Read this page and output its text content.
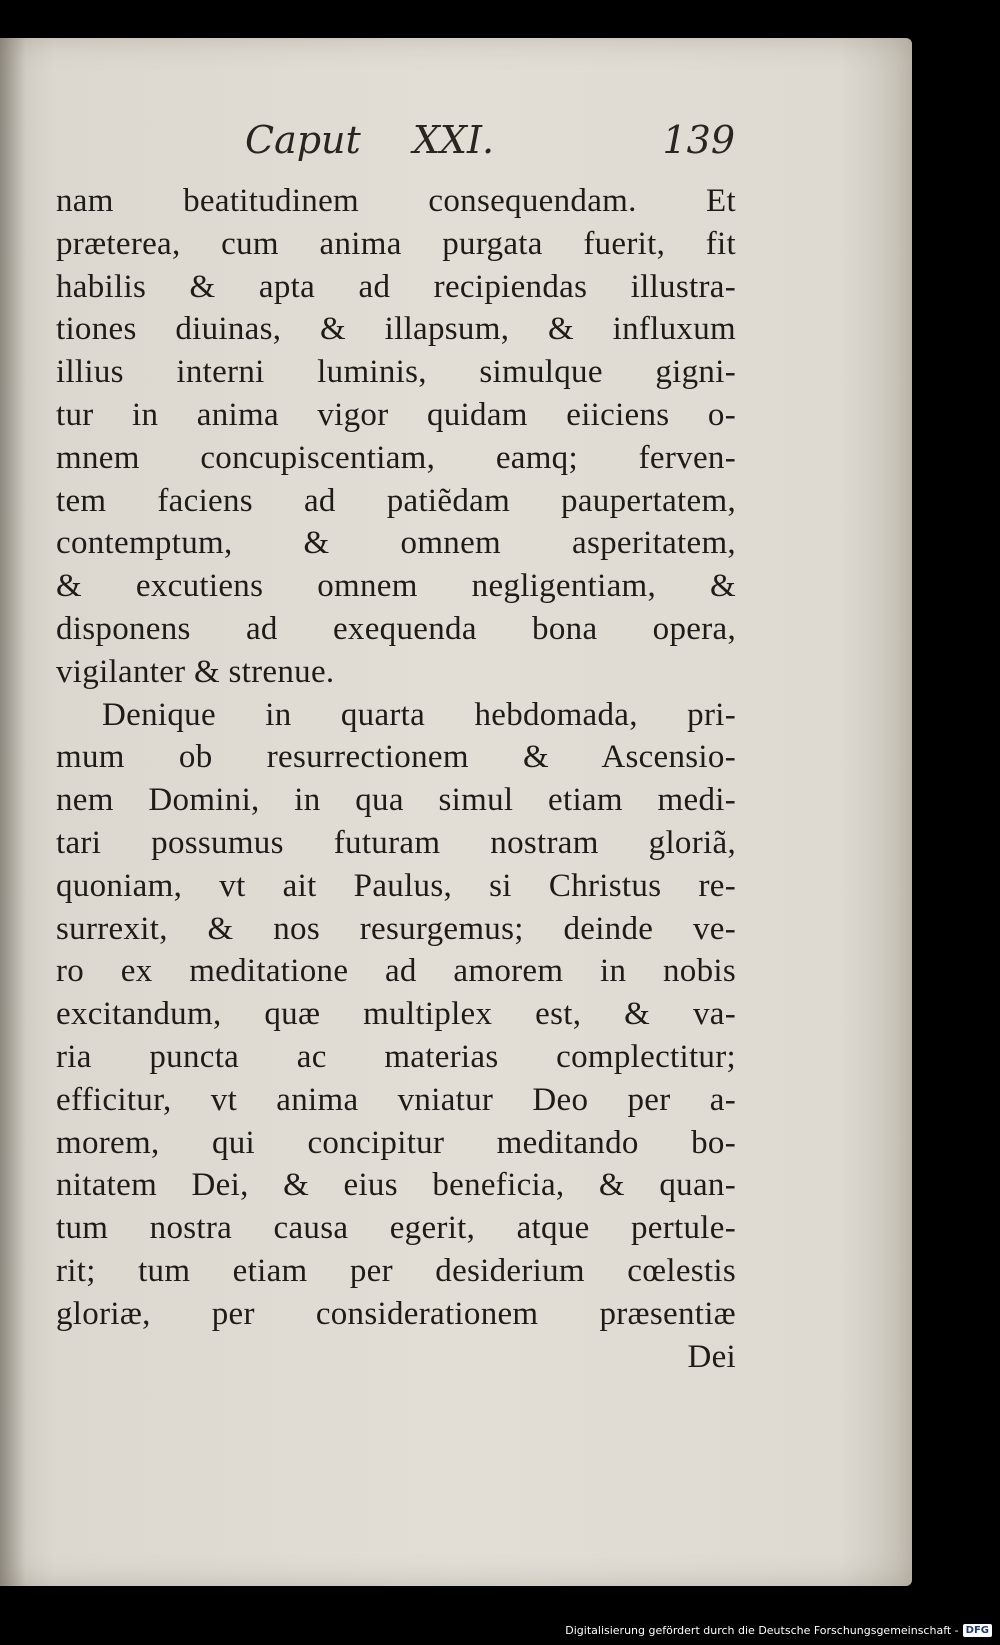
Caput XXI.	139
nam beatitudinem consequendam. Et
præterea, cum anima purgata fuerit, fit
habilis & apta ad recipiendas illustra-
tiones diuinas, & illapsum, & influxum
illius interni luminis, simulque gigni-
tur in anima vigor quidam eiiciens o-
mnem concupiscentiam, eamq; ferven-
tem faciens ad patiẽdam paupertatem,
contemptum, & omnem asperitatem,
& excutiens omnem negligentiam, &
disponens ad exequenda bona opera,
vigilanter & strenue.
Denique in quarta hebdomada, pri-
mum ob resurrectionem & Ascensio-
nem Domini, in qua simul etiam medi-
tari possumus futuram nostram gloriã,
quoniam, vt ait Paulus, si Christus re-
surrexit, & nos resurgemus; deinde ve-
ro ex meditatione ad amorem in nobis
excitandum, quæ multiplex est, & va-
ria puncta ac materias complectitur;
efficitur, vt anima vniatur Deo per a-
morem, qui concipitur meditando bo-
nitatem Dei, & eius beneficia, & quan-
tum nostra causa egerit, atque pertule-
rit; tum etiam per desiderium cœlestis
gloriæ, per considerationem præsentiæ
Dei
Digitalisierung gefördert durch die Deutsche Forschungsgemeinschaft - DFG
